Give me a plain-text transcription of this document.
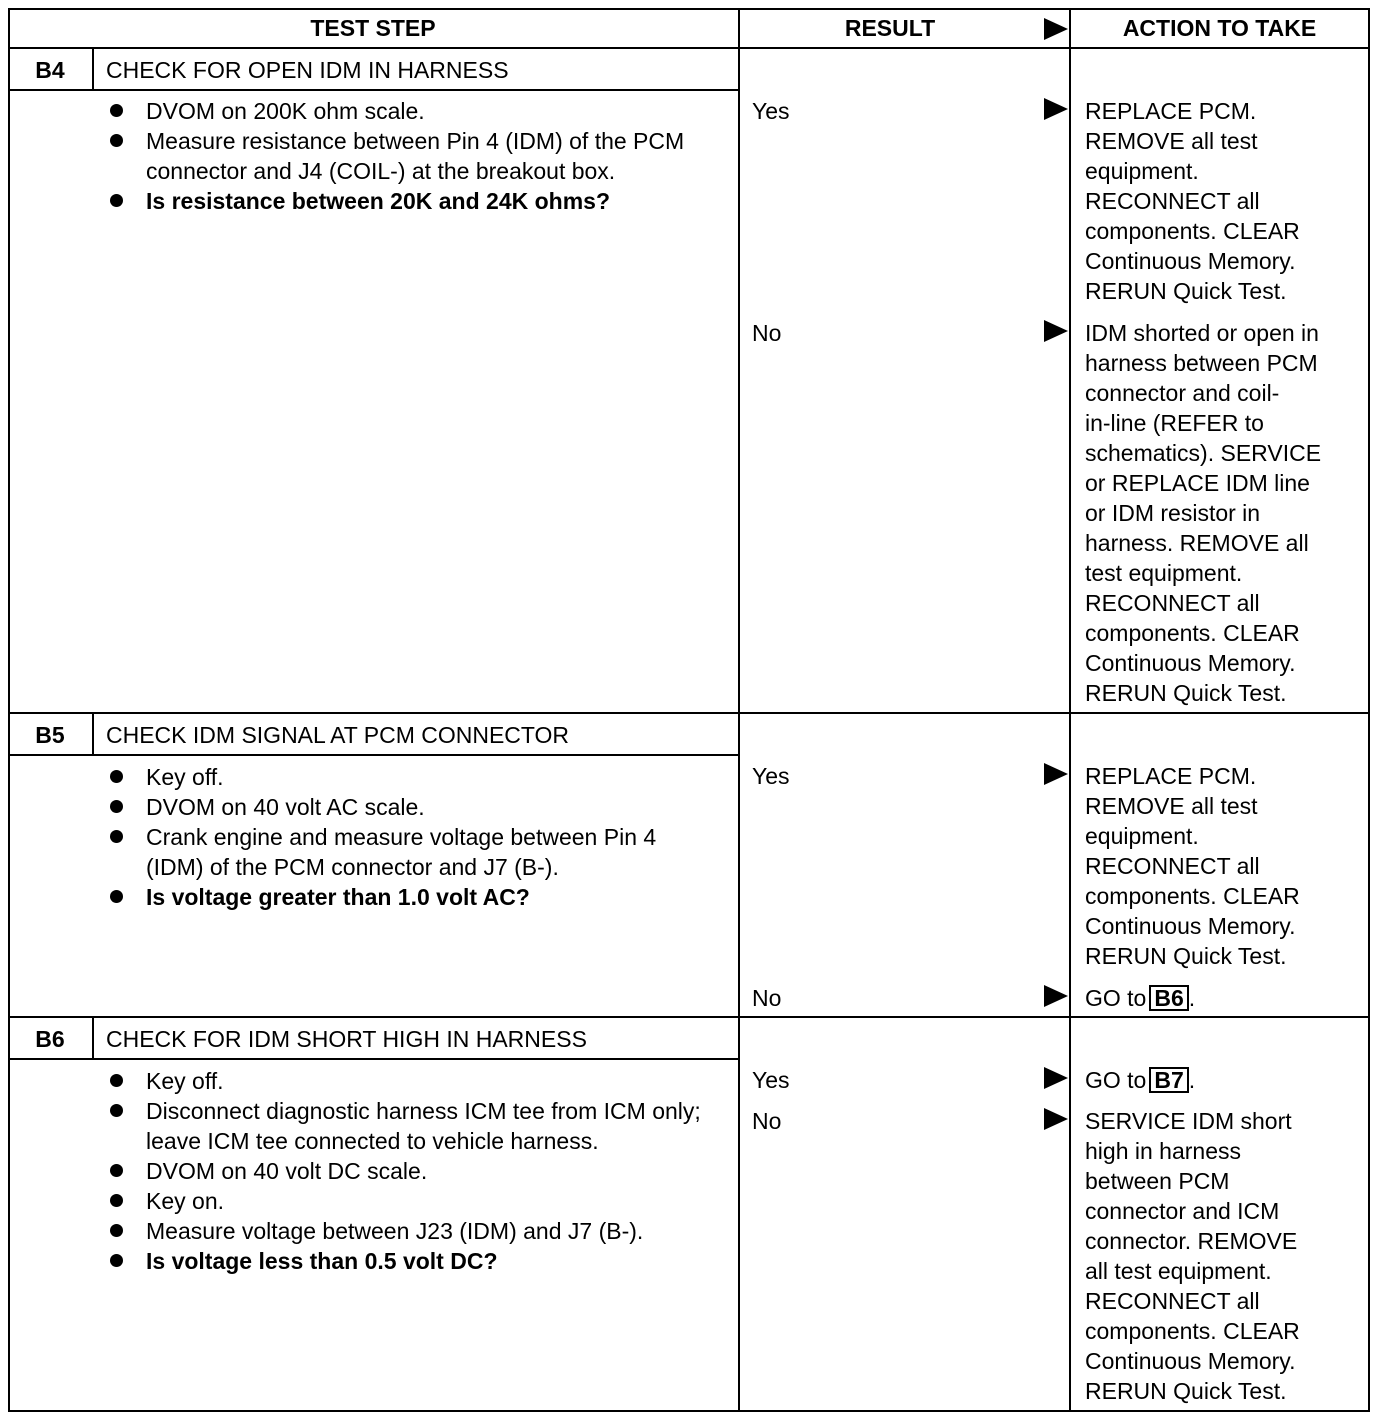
TEST STEP	RESULT	ACTION TO TAKE
B4	CHECK FOR OPEN IDM IN HARNESS
DVOM on 200K ohm scale.
Measure resistance between Pin 4 (IDM) of the PCM connector and J4 (COIL-) at the breakout box.
Is resistance between 20K and 24K ohms?
Yes	REPLACE PCM.
REMOVE all test
equipment.
RECONNECT all
components. CLEAR
Continuous Memory.
RERUN Quick Test.
No	IDM shorted or open in
harness between PCM
connector and coil-
in-line (REFER to
schematics). SERVICE
or REPLACE IDM line
or IDM resistor in
harness. REMOVE all
test equipment.
RECONNECT all
components. CLEAR
Continuous Memory.
RERUN Quick Test.
B5	CHECK IDM SIGNAL AT PCM CONNECTOR
Key off.
DVOM on 40 volt AC scale.
Crank engine and measure voltage between Pin 4 (IDM) of the PCM connector and J7 (B-).
Is voltage greater than 1.0 volt AC?
Yes	REPLACE PCM.
REMOVE all test
equipment.
RECONNECT all
components. CLEAR
Continuous Memory.
RERUN Quick Test.
No	GO to B6 .
B6	CHECK FOR IDM SHORT HIGH IN HARNESS
Key off.
Disconnect diagnostic harness ICM tee from ICM only; leave ICM tee connected to vehicle harness.
DVOM on 40 volt DC scale.
Key on.
Measure voltage between J23 (IDM) and J7 (B-).
Is voltage less than 0.5 volt DC?
Yes	GO to B7 .
No	SERVICE IDM short
high in harness
between PCM
connector and ICM
connector. REMOVE
all test equipment.
RECONNECT all
components. CLEAR
Continuous Memory.
RERUN Quick Test.
